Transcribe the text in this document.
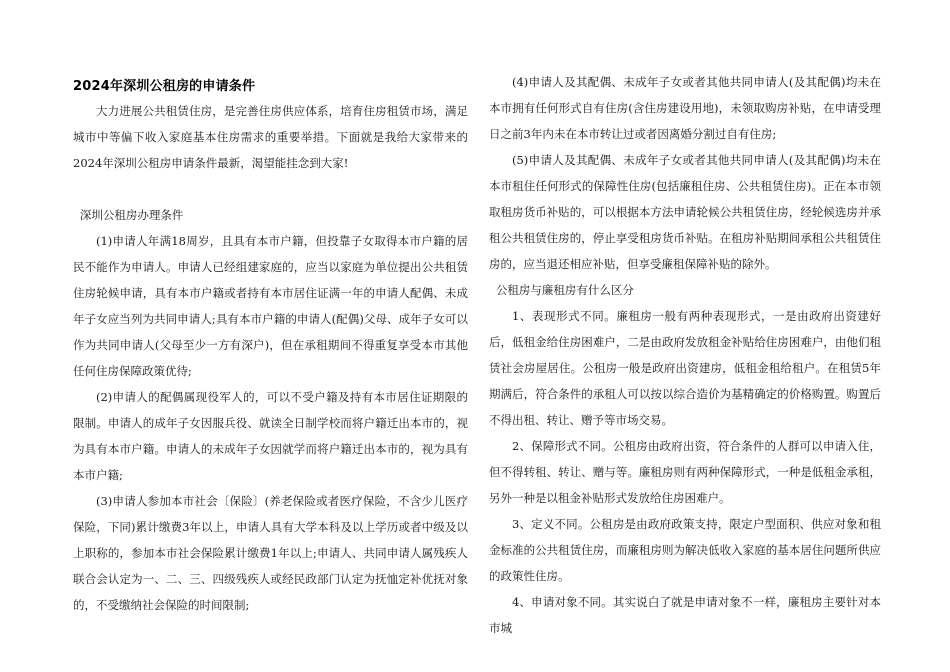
2024年深圳公租房的申请条件

大力进展公共租赁住房，是完善住房供应体系，培育住房租赁市场，满足城市中等偏下收入家庭基本住房需求的重要举措。下面就是我给大家带来的2024年深圳公租房申请条件最新，渴望能挂念到大家!

深圳公租房办理条件

(1)申请人年满18周岁，且具有本市户籍，但投靠子女取得本市户籍的居民不能作为申请人。申请人已经组建家庭的，应当以家庭为单位提出公共租赁住房轮候申请，具有本市户籍或者持有本市居住证满一年的申请人配偶、未成年子女应当列为共同申请人;具有本市户籍的申请人(配偶)父母、成年子女可以作为共同申请人(父母至少一方有深户)，但在承租期间不得重复享受本市其他任何住房保障政策优待;

(2)申请人的配偶属现役军人的，可以不受户籍及持有本市居住证期限的限制。申请人的成年子女因服兵役、就读全日制学校而将户籍迁出本市的，视为具有本市户籍。申请人的未成年子女因就学而将户籍迁出本市的，视为具有本市户籍;

(3)申请人参加本市社会〔保险〕(养老保险或者医疗保险，不含少儿医疗保险，下同)累计缴费3年以上，申请人具有大学本科及以上学历或者中级及以上职称的，参加本市社会保险累计缴费1年以上;申请人、共同申请人属残疾人联合会认定为一、二、三、四级残疾人或经民政部门认定为抚恤定补优抚对象的，不受缴纳社会保险的时间限制;

(4)申请人及其配偶、未成年子女或者其他共同申请人(及其配偶)均未在本市拥有任何形式自有住房(含住房建设用地)，未领取购房补贴，在申请受理日之前3年内未在本市转让过或者因离婚分割过自有住房;

(5)申请人及其配偶、未成年子女或者其他共同申请人(及其配偶)均未在本市租住任何形式的保障性住房(包括廉租住房、公共租赁住房)。正在本市领取租房货币补贴的，可以根据本方法申请轮候公共租赁住房，经轮候选房并承租公共租赁住房的，停止享受租房货币补贴。在租房补贴期间承租公共租赁住房的，应当退还相应补贴，但享受廉租保障补贴的除外。

公租房与廉租房有什么区分

1、表现形式不同。廉租房一般有两种表现形式，一是由政府出资建好后，低租金给住房困难户，二是由政府发放租金补贴给住房困难户，由他们租赁社会房屋居住。公租房一般是政府出资建房，低租金租给租户。在租赁5年期满后，符合条件的承租人可以按以综合造价为基精确定的价格购置。购置后不得出租、转让、赠予等市场交易。

2、保障形式不同。公租房由政府出资，符合条件的人群可以申请入住，但不得转租、转让、赠与等。廉租房则有两种保障形式，一种是低租金承租，另外一种是以租金补贴形式发放给住房困难户。

3、定义不同。公租房是由政府政策支持，限定户型面积、供应对象和租金标准的公共租赁住房，而廉租房则为解决低收入家庭的基本居住问题所供应的政策性住房。

4、申请对象不同。其实说白了就是申请对象不一样，廉租房主要针对本市城
